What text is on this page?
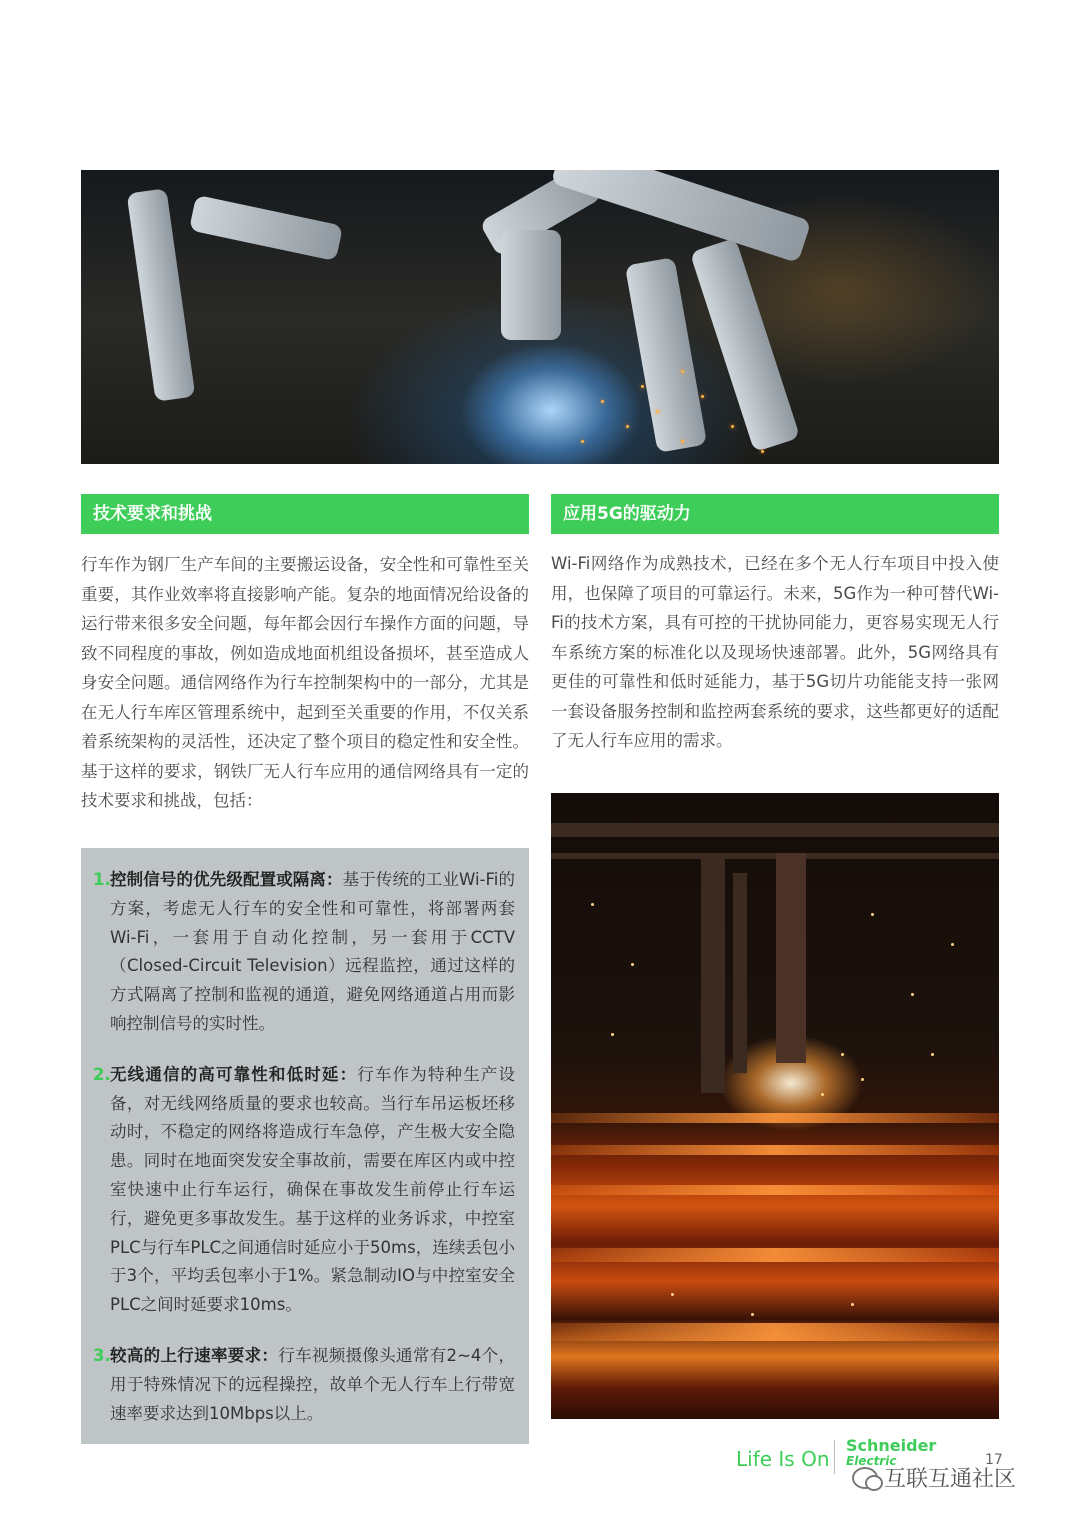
技术要求和挑战	应用5G的驱动力

行车作为钢厂生产车间的主要搬运设备，安全性和可靠性至关重要，其作业效率将直接影响产能。复杂的地面情况给设备的运行带来很多安全问题，每年都会因行车操作方面的问题，导致不同程度的事故，例如造成地面机组设备损坏，甚至造成人身安全问题。通信网络作为行车控制架构中的一部分，尤其是在无人行车库区管理系统中，起到至关重要的作用，不仅关系着系统架构的灵活性，还决定了整个项目的稳定性和安全性。基于这样的要求，钢铁厂无人行车应用的通信网络具有一定的技术要求和挑战，包括：

Wi-Fi网络作为成熟技术，已经在多个无人行车项目中投入使用，也保障了项目的可靠运行。未来，5G作为一种可替代Wi-Fi的技术方案，具有可控的干扰协同能力，更容易实现无人行车系统方案的标准化以及现场快速部署。此外，5G网络具有更佳的可靠性和低时延能力，基于5G切片功能能支持一张网一套设备服务控制和监控两套系统的要求，这些都更好的适配了无人行车应用的需求。

1. 控制信号的优先级配置或隔离：基于传统的工业Wi-Fi的方案，考虑无人行车的安全性和可靠性，将部署两套Wi-Fi，一套用于自动化控制，另一套用于CCTV（Closed-Circuit Television）远程监控，通过这样的方式隔离了控制和监视的通道，避免网络通道占用而影响控制信号的实时性。
2. 无线通信的高可靠性和低时延：行车作为特种生产设备，对无线网络质量的要求也较高。当行车吊运板坯移动时，不稳定的网络将造成行车急停，产生极大安全隐患。同时在地面突发安全事故前，需要在库区内或中控室快速中止行车运行，确保在事故发生前停止行车运行，避免更多事故发生。基于这样的业务诉求，中控室PLC与行车PLC之间通信时延应小于50ms，连续丢包小于3个，平均丢包率小于1%。紧急制动IO与中控室安全PLC之间时延要求10ms。
3. 较高的上行速率要求：行车视频摄像头通常有2~4个，用于特殊情况下的远程操控，故单个无人行车上行带宽速率要求达到10Mbps以上。
Life Is On
Schneider
Electric	17
互联互通社区
